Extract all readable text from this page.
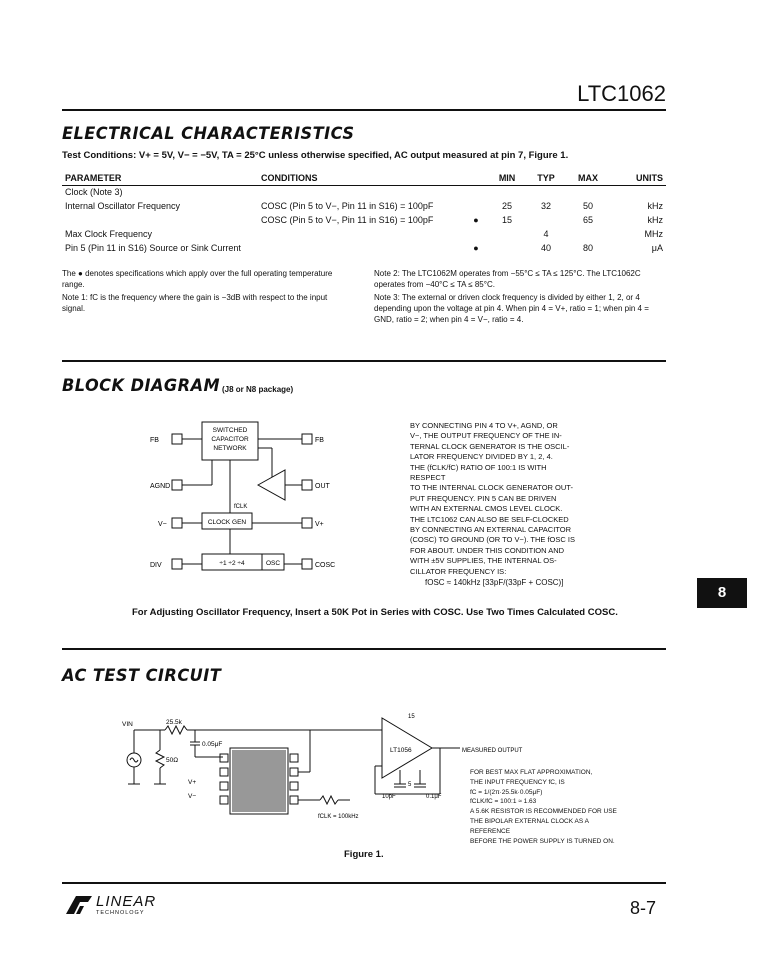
LTC1062
ELECTRICAL CHARACTERISTICS
Test Conditions: V+ = 5V, V− = −5V, TA = 25°C unless otherwise specified, AC output measured at pin 7, Figure 1.
PARAMETER	CONDITIONS		MIN	TYP	MAX	UNITS
Clock (Note 3)						
Internal Oscillator Frequency	COSC (Pin 5 to V−, Pin 11 in S16) = 100pF		25	32	50	kHz
	COSC (Pin 5 to V−, Pin 11 in S16) = 100pF	●	15		65	kHz
Max Clock Frequency				4		MHz
Pin 5 (Pin 11 in S16) Source or Sink Current		●		40	80	μA

The ● denotes specifications which apply over the full operating temperature range.

Note 1: fC is the frequency where the gain is −3dB with respect to the input signal.

Note 2: The LTC1062M operates from −55°C ≤ TA ≤ 125°C. The LTC1062C operates from −40°C ≤ TA ≤ 85°C.

Note 3: The external or driven clock frequency is divided by either 1, 2, or 4 depending upon the voltage at pin 4. When pin 4 = V+, ratio = 1; when pin 4 = GND, ratio = 2; when pin 4 = V−, ratio = 4.

BLOCK DIAGRAM (J8 or N8 package)
SWITCHED
CAPACITOR
NETWORK
CLOCK GEN
÷1 ÷2 ÷4	OSC
fCLK
FB
AGND
V−
DIV
FB
OUT
V+
COSC
BY CONNECTING PIN 4 TO V+, AGND, OR
V−, THE OUTPUT FREQUENCY OF THE IN-
TERNAL CLOCK GENERATOR IS THE OSCIL-
LATOR FREQUENCY DIVIDED BY 1, 2, 4.
THE (fCLK/fC) RATIO OF 100:1 IS WITH RESPECT
TO THE INTERNAL CLOCK GENERATOR OUT-
PUT FREQUENCY. PIN 5 CAN BE DRIVEN
WITH AN EXTERNAL CMOS LEVEL CLOCK.
THE LTC1062 CAN ALSO BE SELF-CLOCKED
BY CONNECTING AN EXTERNAL CAPACITOR
(COSC) TO GROUND (OR TO V−). THE fOSC IS
FOR ABOUT. UNDER THIS CONDITION AND
WITH ±5V SUPPLIES, THE INTERNAL OS-
CILLATOR FREQUENCY IS:
fOSC ≈ 140kHz [33pF/(33pF + COSC)]
For Adjusting Oscillator Frequency, Insert a 50K Pot in Series with COSC. Use Two Times Calculated COSC.
8
AC TEST CIRCUIT
VIN	25.5k
0.05μF
50Ω
LT1056	MEASURED OUTPUT
V+
V−	10pF	0.1μF
fCLK = 100kHz
15
5
FOR BEST MAX FLAT APPROXIMATION,
THE INPUT FREQUENCY fC, IS
fC = 1/(2π·25.5k·0.05μF)
fCLK/fC = 100:1 ≈ 1.63
A 5.6K RESISTOR IS RECOMMENDED FOR USE
THE BIPOLAR EXTERNAL CLOCK AS A REFERENCE
BEFORE THE POWER SUPPLY IS TURNED ON.
Figure 1.
LINEAR
TECHNOLOGY	8-7
